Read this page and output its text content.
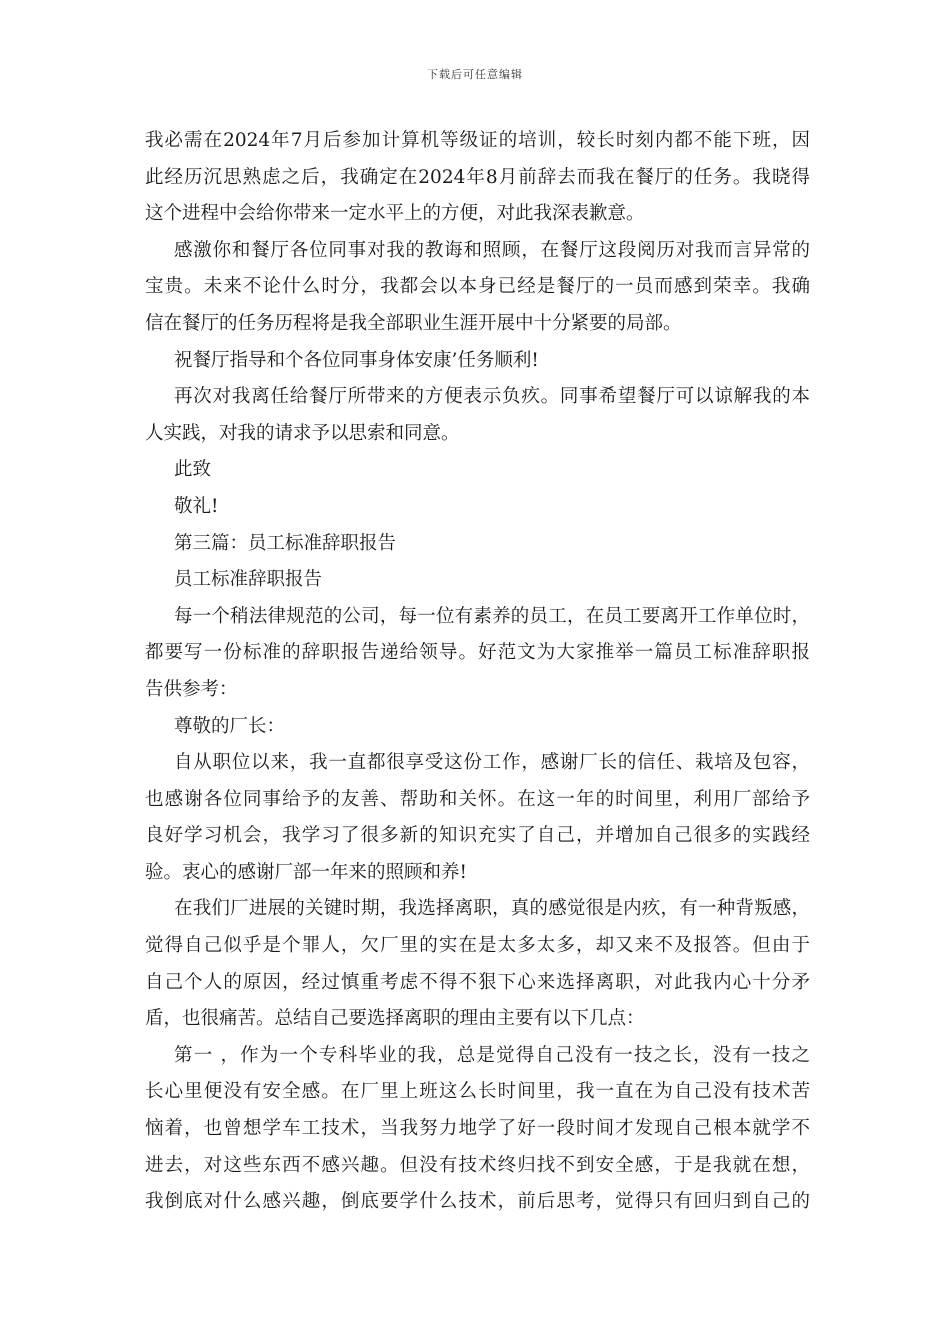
下载后可任意编辑
我必需在2024年7月后参加计算机等级证的培训，较长时刻内都不能下班，因
此经历沉思熟虑之后，我确定在2024年8月前辞去而我在餐厅的任务。我晓得
这个进程中会给你带来一定水平上的方便，对此我深表歉意。
感激你和餐厅各位同事对我的教诲和照顾，在餐厅这段阅历对我而言异常的
宝贵。未来不论什么时分，我都会以本身已经是餐厅的一员而感到荣幸。我确
信在餐厅的任务历程将是我全部职业生涯开展中十分紧要的局部。
祝餐厅指导和个各位同事身体安康’任务顺利!
再次对我离任给餐厅所带来的方便表示负疚。同事希望餐厅可以谅解我的本
人实践，对我的请求予以思索和同意。
此致
敬礼!
第三篇：员工标准辞职报告
员工标准辞职报告
每一个稍法律规范的公司，每一位有素养的员工，在员工要离开工作单位时，
都要写一份标准的辞职报告递给领导。好范文为大家推举一篇员工标准辞职报
告供参考：
尊敬的厂长：
自从职位以来，我一直都很享受这份工作，感谢厂长的信任、栽培及包容，
也感谢各位同事给予的友善、帮助和关怀。在这一年的时间里，利用厂部给予
良好学习机会，我学习了很多新的知识充实了自己，并增加自己很多的实践经
验。衷心的感谢厂部一年来的照顾和养!
在我们厂进展的关键时期，我选择离职，真的感觉很是内疚，有一种背叛感，
觉得自己似乎是个罪人，欠厂里的实在是太多太多，却又来不及报答。但由于
自己个人的原因，经过慎重考虑不得不狠下心来选择离职，对此我内心十分矛
盾，也很痛苦。总结自己要选择离职的理由主要有以下几点：
第一 ，作为一个专科毕业的我，总是觉得自己没有一技之长，没有一技之
长心里便没有安全感。在厂里上班这么长时间里，我一直在为自己没有技术苦
恼着，也曾想学车工技术，当我努力地学了好一段时间才发现自己根本就学不
进去，对这些东西不感兴趣。但没有技术终归找不到安全感，于是我就在想，
我倒底对什么感兴趣，倒底要学什么技术，前后思考，觉得只有回归到自己的
